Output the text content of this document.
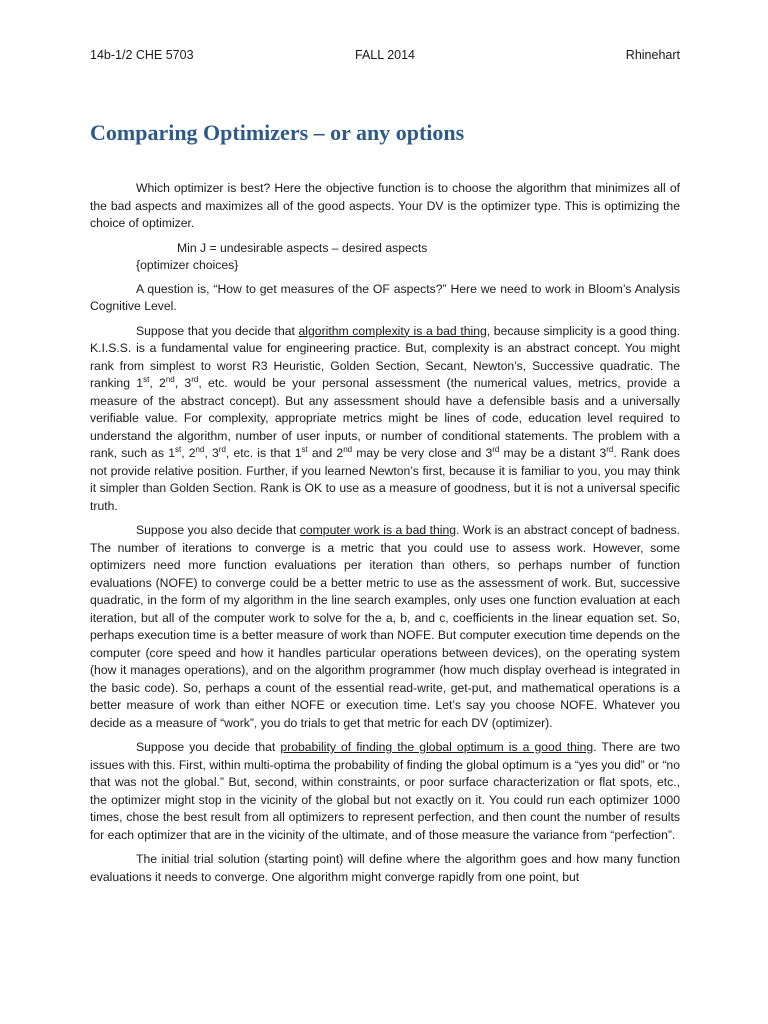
14b-1/2 CHE 5703	FALL 2014	Rhinehart
Comparing Optimizers – or any options

Which optimizer is best? Here the objective function is to choose the algorithm that minimizes all of the bad aspects and maximizes all of the good aspects. Your DV is the optimizer type. This is optimizing the choice of optimizer.

Min J = undesirable aspects – desired aspects
{optimizer choices}

A question is, “How to get measures of the OF aspects?” Here we need to work in Bloom’s Analysis Cognitive Level.

Suppose that you decide that algorithm complexity is a bad thing, because simplicity is a good thing. K.I.S.S. is a fundamental value for engineering practice. But, complexity is an abstract concept. You might rank from simplest to worst R3 Heuristic, Golden Section, Secant, Newton’s, Successive quadratic. The ranking 1st, 2nd, 3rd, etc. would be your personal assessment (the numerical values, metrics, provide a measure of the abstract concept). But any assessment should have a defensible basis and a universally verifiable value. For complexity, appropriate metrics might be lines of code, education level required to understand the algorithm, number of user inputs, or number of conditional statements. The problem with a rank, such as 1st, 2nd, 3rd, etc. is that 1st and 2nd may be very close and 3rd may be a distant 3rd. Rank does not provide relative position. Further, if you learned Newton’s first, because it is familiar to you, you may think it simpler than Golden Section. Rank is OK to use as a measure of goodness, but it is not a universal specific truth.

Suppose you also decide that computer work is a bad thing. Work is an abstract concept of badness. The number of iterations to converge is a metric that you could use to assess work. However, some optimizers need more function evaluations per iteration than others, so perhaps number of function evaluations (NOFE) to converge could be a better metric to use as the assessment of work. But, successive quadratic, in the form of my algorithm in the line search examples, only uses one function evaluation at each iteration, but all of the computer work to solve for the a, b, and c, coefficients in the linear equation set. So, perhaps execution time is a better measure of work than NOFE. But computer execution time depends on the computer (core speed and how it handles particular operations between devices), on the operating system (how it manages operations), and on the algorithm programmer (how much display overhead is integrated in the basic code). So, perhaps a count of the essential read-write, get-put, and mathematical operations is a better measure of work than either NOFE or execution time. Let’s say you choose NOFE. Whatever you decide as a measure of “work”, you do trials to get that metric for each DV (optimizer).

Suppose you decide that probability of finding the global optimum is a good thing. There are two issues with this. First, within multi-optima the probability of finding the global optimum is a “yes you did” or “no that was not the global.” But, second, within constraints, or poor surface characterization or flat spots, etc., the optimizer might stop in the vicinity of the global but not exactly on it. You could run each optimizer 1000 times, chose the best result from all optimizers to represent perfection, and then count the number of results for each optimizer that are in the vicinity of the ultimate, and of those measure the variance from “perfection”.

The initial trial solution (starting point) will define where the algorithm goes and how many function evaluations it needs to converge. One algorithm might converge rapidly from one point, but
